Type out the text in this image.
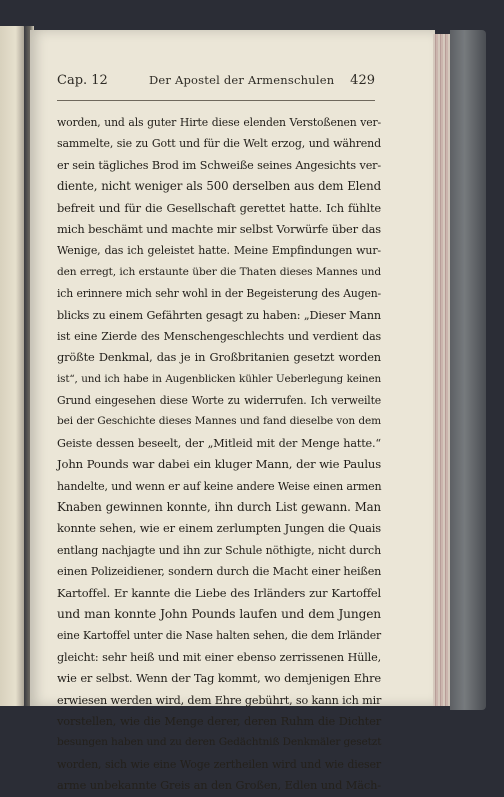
Cap. 12	Der Apostel der Armenschulen 429
worden, und als guter Hirte diese elenden Verstoßenen ver-
sammelte, sie zu Gott und für die Welt erzog, und während
er sein tägliches Brod im Schweiße seines Angesichts ver-
diente, nicht weniger als 500 derselben aus dem Elend
befreit und für die Gesellschaft gerettet hatte. Ich fühlte
mich beschämt und machte mir selbst Vorwürfe über das
Wenige, das ich geleistet hatte. Meine Empfindungen wur-
den erregt, ich erstaunte über die Thaten dieses Mannes und
ich erinnere mich sehr wohl in der Begeisterung des Augen-
blicks zu einem Gefährten gesagt zu haben: „Dieser Mann
ist eine Zierde des Menschengeschlechts und verdient das
größte Denkmal, das je in Großbritanien gesetzt worden
ist“, und ich habe in Augenblicken kühler Ueberlegung keinen
Grund eingesehen diese Worte zu widerrufen. Ich verweilte
bei der Geschichte dieses Mannes und fand dieselbe von dem
Geiste dessen beseelt, der „Mitleid mit der Menge hatte.“
John Pounds war dabei ein kluger Mann, der wie Paulus
handelte, und wenn er auf keine andere Weise einen armen
Knaben gewinnen konnte, ihn durch List gewann. Man
konnte sehen, wie er einem zerlumpten Jungen die Quais
entlang nachjagte und ihn zur Schule nöthigte, nicht durch
einen Polizeidiener, sondern durch die Macht einer heißen
Kartoffel. Er kannte die Liebe des Irländers zur Kartoffel
und man konnte John Pounds laufen und dem Jungen
eine Kartoffel unter die Nase halten sehen, die dem Irländer
gleicht: sehr heiß und mit einer ebenso zerrissenen Hülle,
wie er selbst. Wenn der Tag kommt, wo demjenigen Ehre
erwiesen werden wird, dem Ehre gebührt, so kann ich mir
vorstellen, wie die Menge derer, deren Ruhm die Dichter
besungen haben und zu deren Gedächtniß Denkmäler gesetzt
worden, sich wie eine Woge zertheilen wird und wie dieser
arme unbekannte Greis an den Großen, Edlen und Mäch-
